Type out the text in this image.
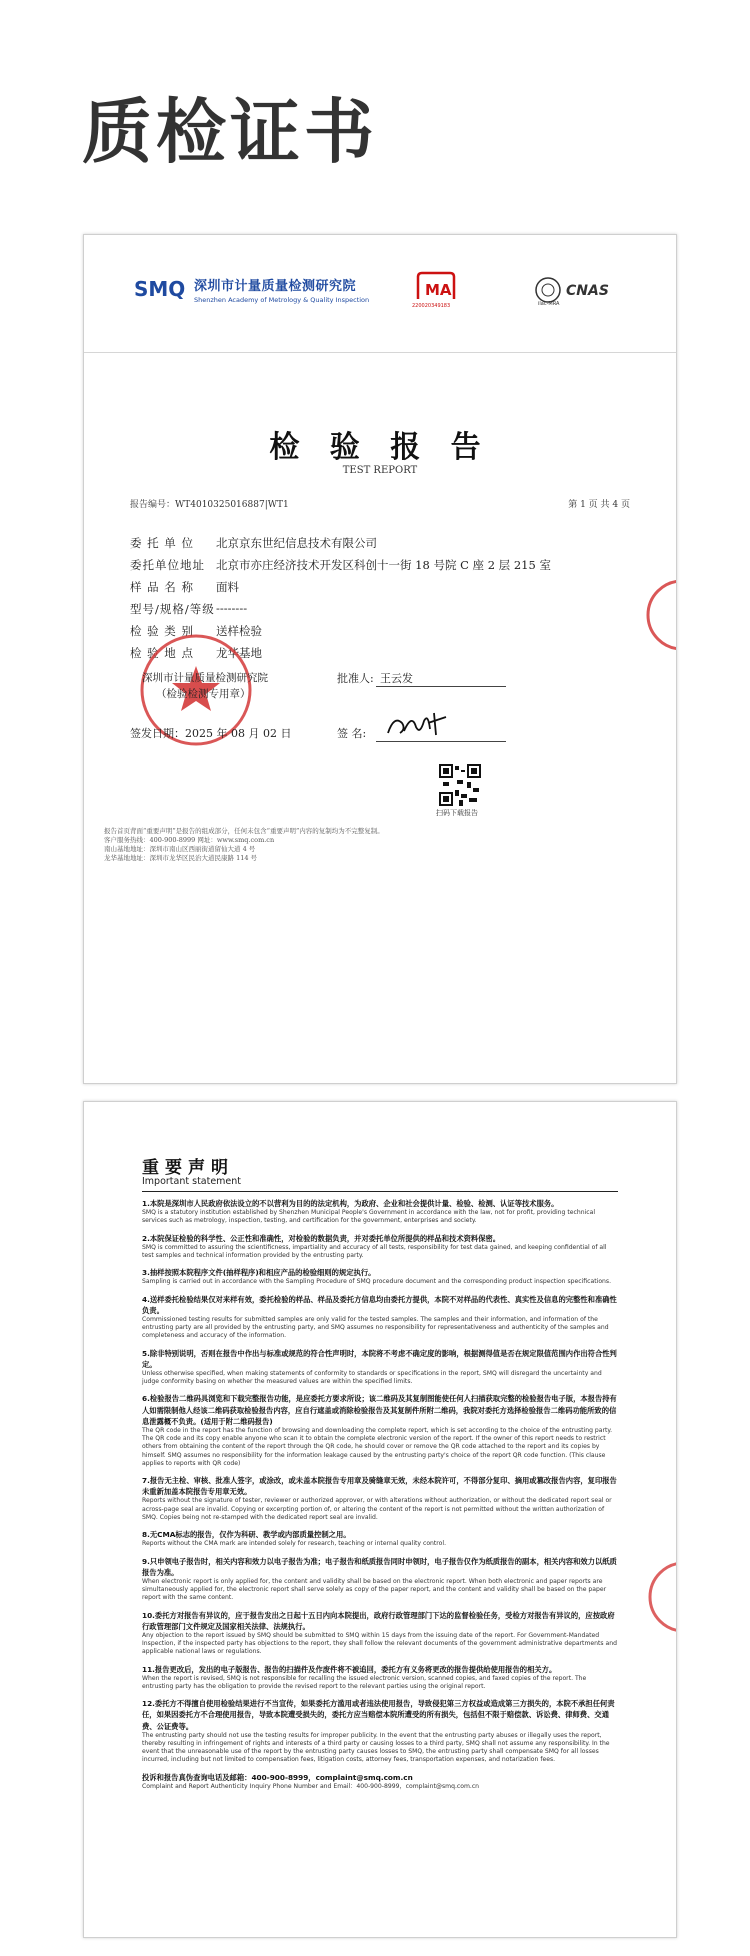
质检证书
SMQ 深圳市计量质量检测研究院
Shenzhen Academy of Metrology & Quality Inspection
MA
220020349183	ilac-MRA
CNAS
检 验 报 告
TEST REPORT
报告编号：WT4010325016887|WT1	第 1 页 共 4 页
委 托 单 位 北京京东世纪信息技术有限公司
委托单位地址 北京市亦庄经济技术开发区科创十一街 18 号院 C 座 2 层 215 室
样 品 名 称 面料
型号/规格/等级 --------
检 验 类 别 送样检验
检 验 地 点 龙华基地
深圳市计量质量检测研究院
（检验检测专用章）
批准人: 王云发
签发日期：2025 年 08 月 02 日	签 名:
扫码下载报告
报告首页背面“重要声明”是报告的组成部分，任何未包含“重要声明”内容的复制均为不完整复制。
客户服务热线：400-900-8999 网址：www.smq.com.cn
南山基地地址：深圳市南山区西丽街道留仙大道 4 号
龙华基地地址：深圳市龙华区民治大道民康路 114 号
重要声明
Important statement
1.本院是深圳市人民政府依法设立的不以营利为目的的法定机构，为政府、企业和社会提供计量、检验、检测、认证等技术服务。
SMQ is a statutory institution established by Shenzhen Municipal People's Government in accordance with the law, not for profit, providing technical services such as metrology, inspection, testing, and certification for the government, enterprises and society.
2.本院保证检验的科学性、公正性和准确性，对检验的数据负责，并对委托单位所提供的样品和技术资料保密。
SMQ is committed to assuring the scientificness, impartiality and accuracy of all tests, responsibility for test data gained, and keeping confidential of all test samples and technical information provided by the entrusting party.
3.抽样按照本院程序文件(抽样程序)和相应产品的检验细则的规定执行。
Sampling is carried out in accordance with the Sampling Procedure of SMQ procedure document and the corresponding product inspection specifications.
4.送样委托检验结果仅对来样有效，委托检验的样品、样品及委托方信息均由委托方提供，本院不对样品的代表性、真实性及信息的完整性和准确性负责。
Commissioned testing results for submitted samples are only valid for the tested samples. The samples and their information, and information of the entrusting party are all provided by the entrusting party, and SMQ assumes no responsibility for representativeness and authenticity of the samples and completeness and accuracy of the information.
5.除非特别说明，否则在报告中作出与标准或规范的符合性声明时，本院将不考虑不确定度的影响，根据测得值是否在规定限值范围内作出符合性判定。
Unless otherwise specified, when making statements of conformity to standards or specifications in the report, SMQ will disregard the uncertainty and judge conformity basing on whether the measured values are within the specified limits.
6.检验报告二维码具浏览和下载完整报告功能，是应委托方要求所设；该二维码及其复制图能使任何人扫描获取完整的检验报告电子版，本报告持有人如需限制他人经该二维码获取检验报告内容，应自行遮盖或消除检验报告及其复制件所附二维码，我院对委托方选择检验报告二维码功能所致的信息泄露概不负责。(适用于附二维码报告)
The QR code in the report has the function of browsing and downloading the complete report, which is set according to the choice of the entrusting party. The QR code and its copy enable anyone who scan it to obtain the complete electronic version of the report. If the owner of this report needs to restrict others from obtaining the content of the report through the QR code, he should cover or remove the QR code attached to the report and its copies by himself. SMQ assumes no responsibility for the information leakage caused by the entrusting party's choice of the report QR code function. (This clause applies to reports with QR code)
7.报告无主检、审核、批准人签字，或涂改，或未盖本院报告专用章及骑缝章无效，未经本院许可，不得部分复印、摘用或篡改报告内容，复印报告未重新加盖本院报告专用章无效。
Reports without the signature of tester, reviewer or authorized approver, or with alterations without authorization, or without the dedicated report seal or across-page seal are invalid. Copying or excerpting portion of, or altering the content of the report is not permitted without the written authorization of SMQ. Copies being not re-stamped with the dedicated report seal are invalid.
8.无CMA标志的报告，仅作为科研、教学或内部质量控制之用。
Reports without the CMA mark are intended solely for research, teaching or internal quality control.
9.只申领电子报告时，相关内容和效力以电子报告为准；电子报告和纸质报告同时申领时，电子报告仅作为纸质报告的副本，相关内容和效力以纸质报告为准。
When electronic report is only applied for, the content and validity shall be based on the electronic report. When both electronic and paper reports are simultaneously applied for, the electronic report shall serve solely as copy of the paper report, and the content and validity shall be based on the paper report with the same content.
10.委托方对报告有异议的，应于报告发出之日起十五日内向本院提出，政府行政管理部门下达的监督检验任务，受检方对报告有异议的，应按政府行政管理部门文件规定及国家相关法律、法规执行。
Any objection to the report issued by SMQ should be submitted to SMQ within 15 days from the issuing date of the report. For Government-Mandated Inspection, if the inspected party has objections to the report, they shall follow the relevant documents of the government administrative departments and applicable national laws or regulations.
11.报告更改后，发出的电子版报告、报告的扫描件及作废件将不被追回，委托方有义务将更改的报告提供给使用报告的相关方。
When the report is revised, SMQ is not responsible for recalling the issued electronic version, scanned copies, and faxed copies of the report. The entrusting party has the obligation to provide the revised report to the relevant parties using the original report.
12.委托方不得擅自使用检验结果进行不当宣传，如果委托方滥用或者违法使用报告，导致侵犯第三方权益或造成第三方损失的，本院不承担任何责任，如果因委托方不合理使用报告，导致本院遭受损失的，委托方应当赔偿本院所遭受的所有损失，包括但不限于赔偿款、诉讼费、律师费、交通费、公证费等。
The entrusting party should not use the testing results for improper publicity. In the event that the entrusting party abuses or illegally uses the report, thereby resulting in infringement of rights and interests of a third party or causing losses to a third party, SMQ shall not assume any responsibility. In the event that the unreasonable use of the report by the entrusting party causes losses to SMQ, the entrusting party shall compensate SMQ for all losses incurred, including but not limited to compensation fees, litigation costs, attorney fees, transportation expenses, and notarization fees.
投诉和报告真伪查询电话及邮箱：400-900-8999，complaint@smq.com.cn
Complaint and Report Authenticity Inquiry Phone Number and Email：400-900-8999，complaint@smq.com.cn
